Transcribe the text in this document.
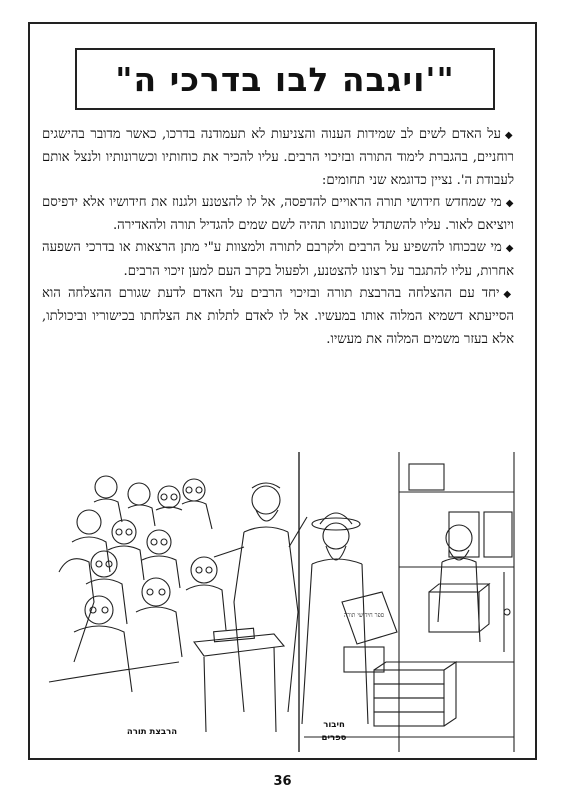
"ויגבה לבו בדרכי ה'"

◆על האדם לשים לב שמידות הענוה והצניעות לא תעמודנה בדרכו, כאשר מדובר בהישגים רוחניים, בהגברת לימוד התורה ובזיכוי הרבים. עליו להכיר את כוחותיו וכשרונותיו ולנצל אותם לעבודת ה'. נציין כדוגמא שני תחומים:

◆מי שמחדש חידושי תורה הראויים להדפסה, אל לו להצטנע ולגנוז את חידושיו אלא ידפיסם ויוציאם לאור. עליו להשתדל שכוונתו תהיה לשם שמים להגדיל תורה ולהאדירה.

◆מי שבכוחו להשפיע על הרבים ולקרבם לתורה ולמצוות ע"י מתן הרצאות או בדרכי השפעה אחרות, עליו להתגבר על רצונו להצטנע, ולפעול בקרב העם למען זיכוי הרבים.

◆יחד עם ההצלחה בהרבצת תורה ובזיכוי הרבים על האדם לדעת שגורם ההצלחה הוא הסייעתא דשמיא המלוה אותו במעשיו. אל לו לאדם לתלות את הצלחתו בכישוריו וביכולתו, אלא בעזר משמים המלוה את מעשיו.

הרבצת תורה
ספר חידושי תורה
חיבור
ספרים
36
